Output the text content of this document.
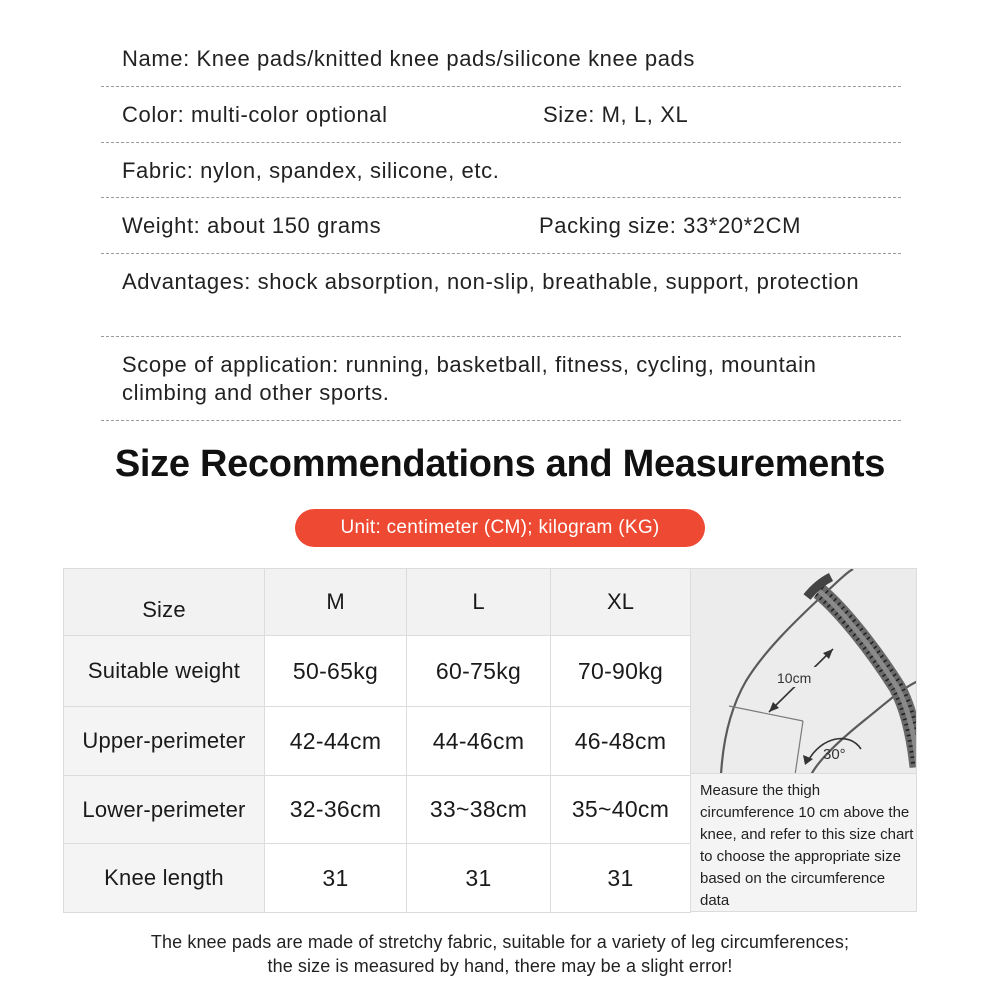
Name: Knee pads/knitted knee pads/silicone knee pads
Color: multi-color optional	Size: M, L, XL
Fabric: nylon, spandex, silicone, etc.
Weight: about 150 grams	Packing size: 33*20*2CM
Advantages: shock absorption, non-slip, breathable, support, protection
Scope of application: running, basketball, fitness, cycling, mountain climbing and other sports.
Size Recommendations and Measurements
Unit: centimeter (CM); kilogram (KG)
Size	M	L	XL
Suitable weight	50-65kg	60-75kg	70-90kg
Upper-perimeter	42-44cm	44-46cm	46-48cm
Lower-perimeter	32-36cm	33~38cm	35~40cm
Knee length	31	31	31
10cm
30°
Measure the thigh circumference 10 cm above the knee, and refer to this size chart to choose the appropriate size based on the circumference data
The knee pads are made of stretchy fabric, suitable for a variety of leg circumferences;
the size is measured by hand, there may be a slight error!
